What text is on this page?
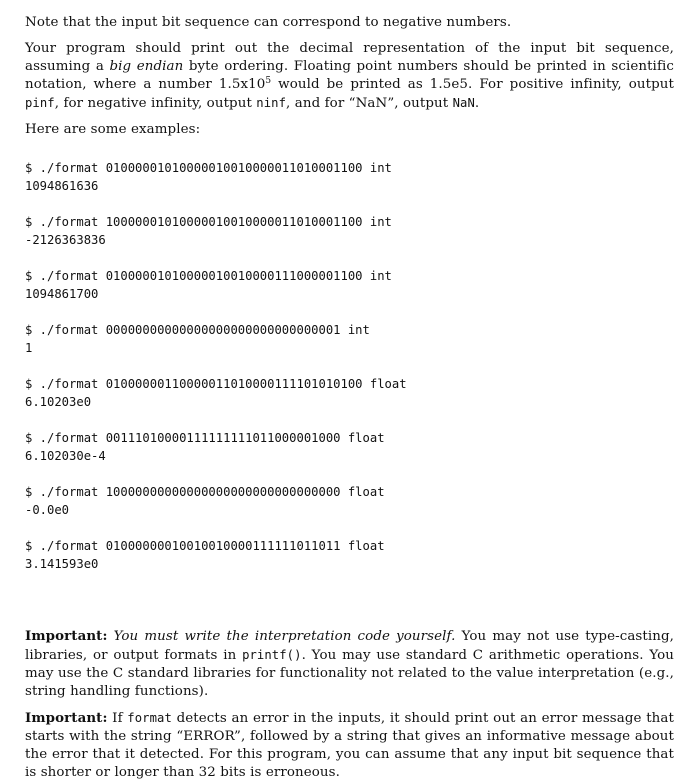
Note that the input bit sequence can correspond to negative numbers.

Your program should print out the decimal representation of the input bit sequence, assuming a big endian byte ordering. Floating point numbers should be printed in scientific notation, where a number $1.5x10^5$ would be printed as 1.5e5. For positive infinity, output pinf, for negative infinity, output ninf, and for “NaN”, output NaN.

Here are some examples:

$ ./format 01000001010000010010000011010001100 int
1094861636
$ ./format 10000001010000010010000011010001100 int
-2126363836
$ ./format 01000001010000010010000111000001100 int
1094861700
$ ./format 00000000000000000000000000000001 int
1
$ ./format 01000000110000011010000111101010100 float
6.10203e0
$ ./format 00111010000111111111011000001000 float
6.102030e-4
$ ./format 10000000000000000000000000000000 float
-0.0e0
$ ./format 01000000010010010000111111011011 float
3.141593e0

Important: You must write the interpretation code yourself. You may not use type-casting, libraries, or output formats in printf(). You may use standard C arithmetic operations. You may use the C standard libraries for functionality not related to the value interpretation (e.g., string handling functions).

Important: If format detects an error in the inputs, it should print out an error message that starts with the string “ERROR”, followed by a string that gives an informative message about the error that it detected. For this program, you can assume that any input bit sequence that is shorter or longer than 32 bits is erroneous.
